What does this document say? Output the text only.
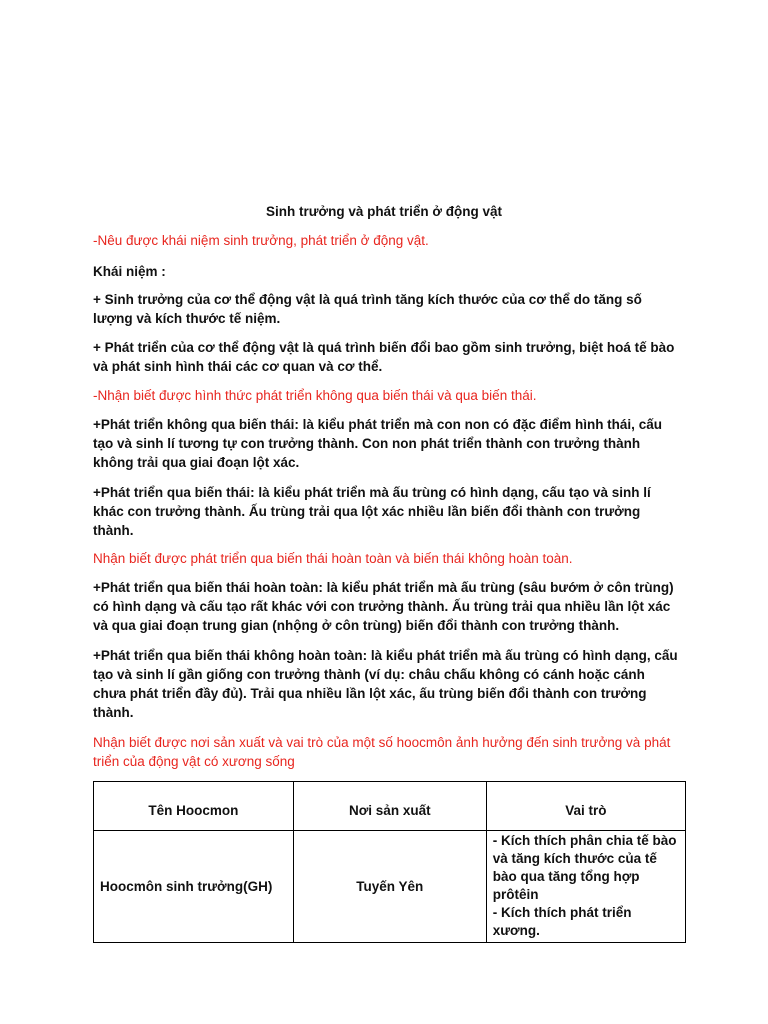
Sinh trưởng và phát triển ở động vật
-Nêu được khái niệm sinh trưởng, phát triển ở động vật.
Khái niệm :
+ Sinh trưởng của cơ thể động vật là quá trình tăng kích thước của cơ thể do tăng số lượng và kích thước tế niệm.
+ Phát triển của cơ thể động vật là quá trình biến đổi bao gồm sinh trưởng, biệt hoá tế bào và phát sinh hình thái các cơ quan và cơ thể.
-Nhận biết được hình thức phát triển không qua biến thái và qua biến thái.
+Phát triển không qua biến thái: là kiểu phát triển mà con non có đặc điểm hình thái, cấu tạo và sinh lí tương tự con trưởng thành. Con non phát triển thành con trưởng thành không trải qua giai đoạn lột xác.
+Phát triển qua biến thái: là kiểu phát triển mà ấu trùng có hình dạng, cấu tạo và sinh lí khác con trưởng thành. Ấu trùng trải qua lột xác nhiều lần biến đổi thành con trưởng thành.
Nhận biết được phát triển qua biến thái hoàn toàn và biến thái không hoàn toàn.
+Phát triển qua biến thái hoàn toàn: là kiểu phát triển mà ấu trùng (sâu bướm ở côn trùng) có hình dạng và cấu tạo rất khác với con trưởng thành. Ấu trùng trải qua nhiều lần lột xác và qua giai đoạn trung gian (nhộng ở côn trùng) biến đổi thành con trưởng thành.
+Phát triển qua biến thái không hoàn toàn: là kiểu phát triển mà ấu trùng có hình dạng, cấu tạo và sinh lí gần giống con trưởng thành (ví dụ: châu chấu không có cánh hoặc cánh chưa phát triển đầy đủ). Trải qua nhiều lần lột xác, ấu trùng biến đổi thành con trưởng thành.
Nhận biết được nơi sản xuất và vai trò của một số hoocmôn ảnh hưởng đến sinh trưởng và phát triển của động vật có xương sống
Tên Hoocmon	Nơi sản xuất	Vai trò
Hoocmôn sinh trưởng(GH)	Tuyến Yên	- Kích thích phân chia tế bào và tăng kích thước của tế bào qua tăng tổng hợp prôtêin
- Kích thích phát triển xương.
